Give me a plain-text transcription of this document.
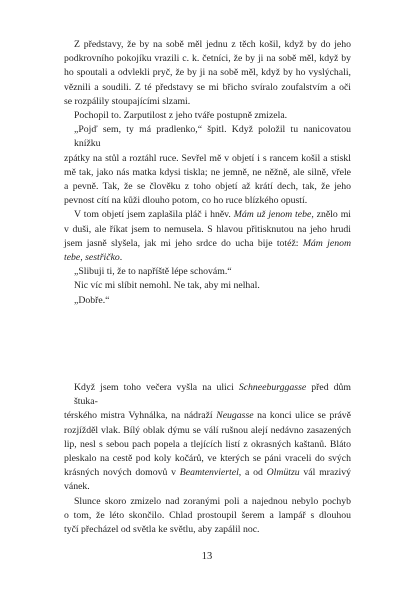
Z představy, že by na sobě měl jednu z těch košil, když by do jeho
podkrovního pokojíku vrazili c. k. četníci, že by ji na sobě měl, když by
ho spoutali a odvlekli pryč, že by ji na sobě měl, když by ho vyslýchali,
věznili a soudili. Z té představy se mi břicho svíralo zoufalstvím a oči
se rozpálily stoupajícími slzami.

Pochopil to. Zarputilost z jeho tváře postupně zmizela.

„Pojď sem, ty má pradlenko,“ špitl. Když položil tu nanicovatou knížku
zpátky na stůl a roztáhl ruce. Sevřel mě v objetí i s rancem košil a stiskl
mě tak, jako nás matka kdysi tiskla; ne jemně, ne něžně, ale silně, vřele
a pevně. Tak, že se člověku z toho objetí až krátí dech, tak, že jeho
pevnost cítí na kůži dlouho potom, co ho ruce blízkého opustí.

V tom objetí jsem zaplašila pláč i hněv. Mám už jenom tebe, znělo mi
v duši, ale říkat jsem to nemusela. S hlavou přitisknutou na jeho hrudi
jsem jasně slyšela, jak mi jeho srdce do ucha bije totéž: Mám jenom
tebe, sestřičko.

„Slibuji ti, že to napříště lépe schovám.“

Nic víc mi slíbit nemohl. Ne tak, aby mi nelhal.

„Dobře.“

Když jsem toho večera vyšla na ulici Schneeburggasse před dům štuka-
térského mistra Vyhnálka, na nádraží Neugasse na konci ulice se právě
rozjížděl vlak. Bílý oblak dýmu se válí rušnou alejí nedávno zasazených
lip, nesl s sebou pach popela a tlejících listí z okrasných kaštanů. Bláto
pleskalo na cestě pod koly kočárů, ve kterých se páni vraceli do svých
krásných nových domovů v Beamtenviertel, a od Olmützu vál mrazivý
vánek.

Slunce skoro zmizelo nad zoranými poli a najednou nebylo pochyb
o tom, že léto skončilo. Chlad prostoupil šerem a lampář s dlouhou
tyčí přecházel od světla ke světlu, aby zapálil noc.

13
